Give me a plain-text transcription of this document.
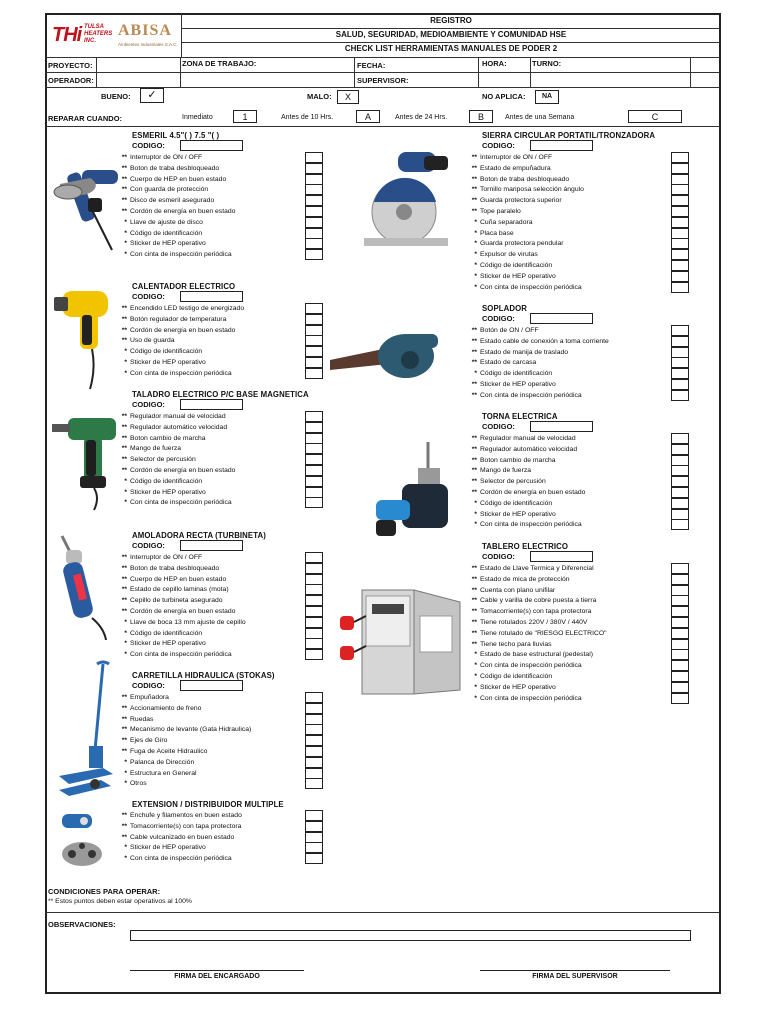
THi TULSA
HEATERS
INC.
ABISA
Ambientes Industriales S.A.C.
REGISTRO
SALUD, SEGURIDAD, MEDIOAMBIENTE Y COMUNIDAD HSE
CHECK LIST HERRAMIENTAS MANUALES DE PODER 2
PROYECTO:	ZONA DE TRABAJO:	FECHA:	HORA:	TURNO:
OPERADOR:	SUPERVISOR:
BUENO:	✓	MALO:	X	NO APLICA:	NA
REPARAR CUANDO:	Inmediato	1	Antes de 10 Hrs.	A	Antes de 24 Hrs.	B	Antes de una Semana	C
ESMERIL 4.5"( ) 7.5 "( )
CODIGO:
** Interruptor de ON / OFF
** Boton de traba desbloqueado
** Cuerpo de HEP en buen estado
** Con guarda de protección
** Disco de esmeril asegurado
** Cordón de energía en buen estado
* Llave de ajuste de disco
* Código de identificación
* Sticker de HEP operativo
* Con cinta de inspección periódica
CALENTADOR ELECTRICO
CODIGO:
** Encendido LED testigo de energizado
** Botón regulador de temperatura
** Cordón de energía en buen estado
** Uso de guarda
* Código de identificación
* Sticker de HEP operativo
* Con cinta de inspección periódica
TALADRO ELECTRICO P/C BASE MAGNETICA
CODIGO:
** Regulador manual de velocidad
** Regulador automático velocidad
** Boton cambio de marcha
** Mango de fuerza
** Selector de percusión
** Cordón de energía en buen estado
* Código de identificación
* Sticker de HEP operativo
* Con cinta de inspección periódica
AMOLADORA RECTA (TURBINETA)
CODIGO:
** Interruptor de ON / OFF
** Boton de traba desbloqueado
** Cuerpo de HEP en buen estado
** Estado de cepillo laminas (mota)
** Cepillo de turbineta asegurado
** Cordón de energía en buen estado
* Llave de boca 13 mm ajuste de cepillo
* Código de identificación
* Sticker de HEP operativo
* Con cinta de inspección periódica
CARRETILLA HIDRAULICA (STOKAS)
CODIGO:
** Empuñadora
** Accionamiento de freno
** Ruedas
** Mecanismo de levante (Gata Hidraulica)
** Ejes de Giro
** Fuga de Aceite Hidraulico
* Palanca de Dirección
* Estructura en General
* Otros
EXTENSION / DISTRIBUIDOR MULTIPLE
** Enchufe y filamentos en buen estado
** Tomacorriente(s) con tapa protectora
** Cable vulcanizado en buen estado
* Sticker de HEP operativo
* Con cinta de inspección periódica
SIERRA CIRCULAR PORTATIL/TRONZADORA
CODIGO:
** Interruptor de ON / OFF
** Estado de empuñadura
** Boton de traba desbloqueado
** Tornillo mariposa selección ángulo
** Guarda protectora superior
** Tope paralelo
* Cuña separadora
* Placa base
* Guarda protectora pendular
* Expulsor de virutas
* Código de identificación
* Sticker de HEP operativo
* Con cinta de inspección periódica
SOPLADOR
CODIGO:
** Botón de ON / OFF
** Estado cable de conexión a toma corriente
** Estado de manija de traslado
** Estado de carcasa
* Código de identificación
** Sticker de HEP operativo
** Con cinta de inspección periódica
TORNA ELECTRICA
CODIGO:
** Regulador manual de velocidad
** Regulador automático velocidad
** Boton cambio de marcha
** Mango de fuerza
** Selector de percusión
** Cordón de energía en buen estado
* Código de identificación
* Sticker de HEP operativo
* Con cinta de inspección periódica
TABLERO ELECTRICO
CODIGO:
** Estado de Llave Termica y Diferencial
** Estado de mica de protección
** Cuenta con plano unifilar
** Cable y varilla de cobre puesta a tierra
** Tomacorriente(s) con tapa protectora
** Tiene rotulados 220V / 380V / 440V
** Tiene rotulado de "RIESGO ELECTRICO"
** Tiene techo para lluvias
* Estado de base estructural (pedestal)
* Con cinta de inspección periódica
* Código de identificación
* Sticker de HEP operativo
* Con cinta de inspección periódica
CONDICIONES PARA OPERAR:
** Estos puntos deben estar operativos al 100%
OBSERVACIONES:
FIRMA DEL ENCARGADO	FIRMA DEL SUPERVISOR
